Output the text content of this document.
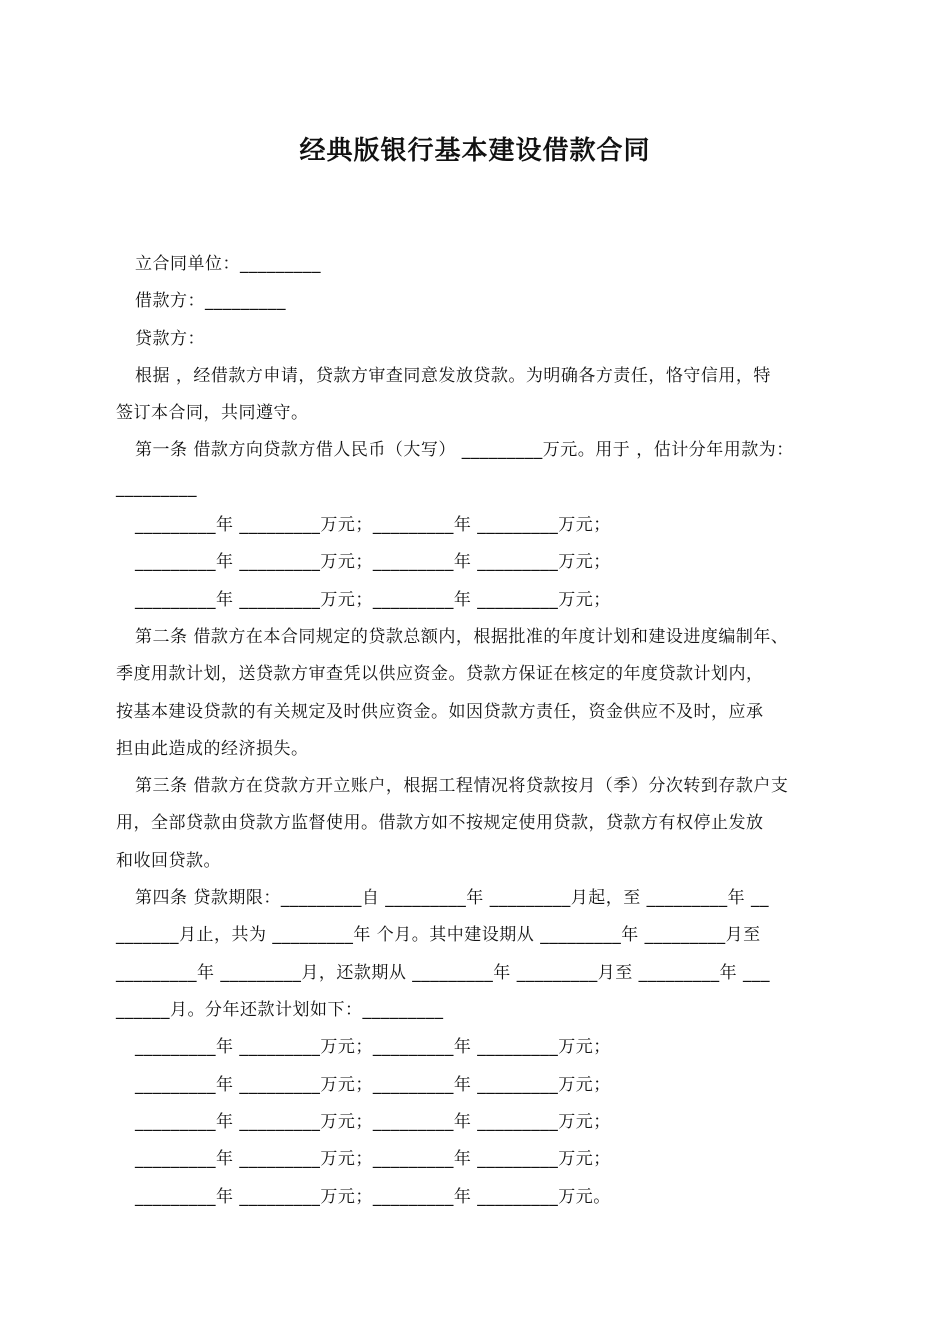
经典版银行基本建设借款合同
立合同单位：_________
借款方：_________
贷款方：
根据 ，经借款方申请，贷款方审查同意发放贷款。为明确各方责任，恪守信用，特
签订本合同，共同遵守。
第一条 借款方向贷款方借人民币（大写） _________万元。用于 ，估计分年用款为：
_________
_________年 _________万元；_________年 _________万元；
_________年 _________万元；_________年 _________万元；
_________年 _________万元；_________年 _________万元；
第二条 借款方在本合同规定的贷款总额内，根据批准的年度计划和建设进度编制年、
季度用款计划，送贷款方审查凭以供应资金。贷款方保证在核定的年度贷款计划内，
按基本建设贷款的有关规定及时供应资金。如因贷款方责任，资金供应不及时，应承
担由此造成的经济损失。
第三条 借款方在贷款方开立账户，根据工程情况将贷款按月（季）分次转到存款户支
用，全部贷款由贷款方监督使用。借款方如不按规定使用贷款，贷款方有权停止发放
和收回贷款。
第四条 贷款期限：_________自 _________年 _________月起，至 _________年 __
_______月止，共为 _________年 个月。其中建设期从 _________年 _________月至
_________年 _________月，还款期从 _________年 _________月至 _________年 ___
______月。分年还款计划如下：_________
_________年 _________万元；_________年 _________万元；
_________年 _________万元；_________年 _________万元；
_________年 _________万元；_________年 _________万元；
_________年 _________万元；_________年 _________万元；
_________年 _________万元；_________年 _________万元。
